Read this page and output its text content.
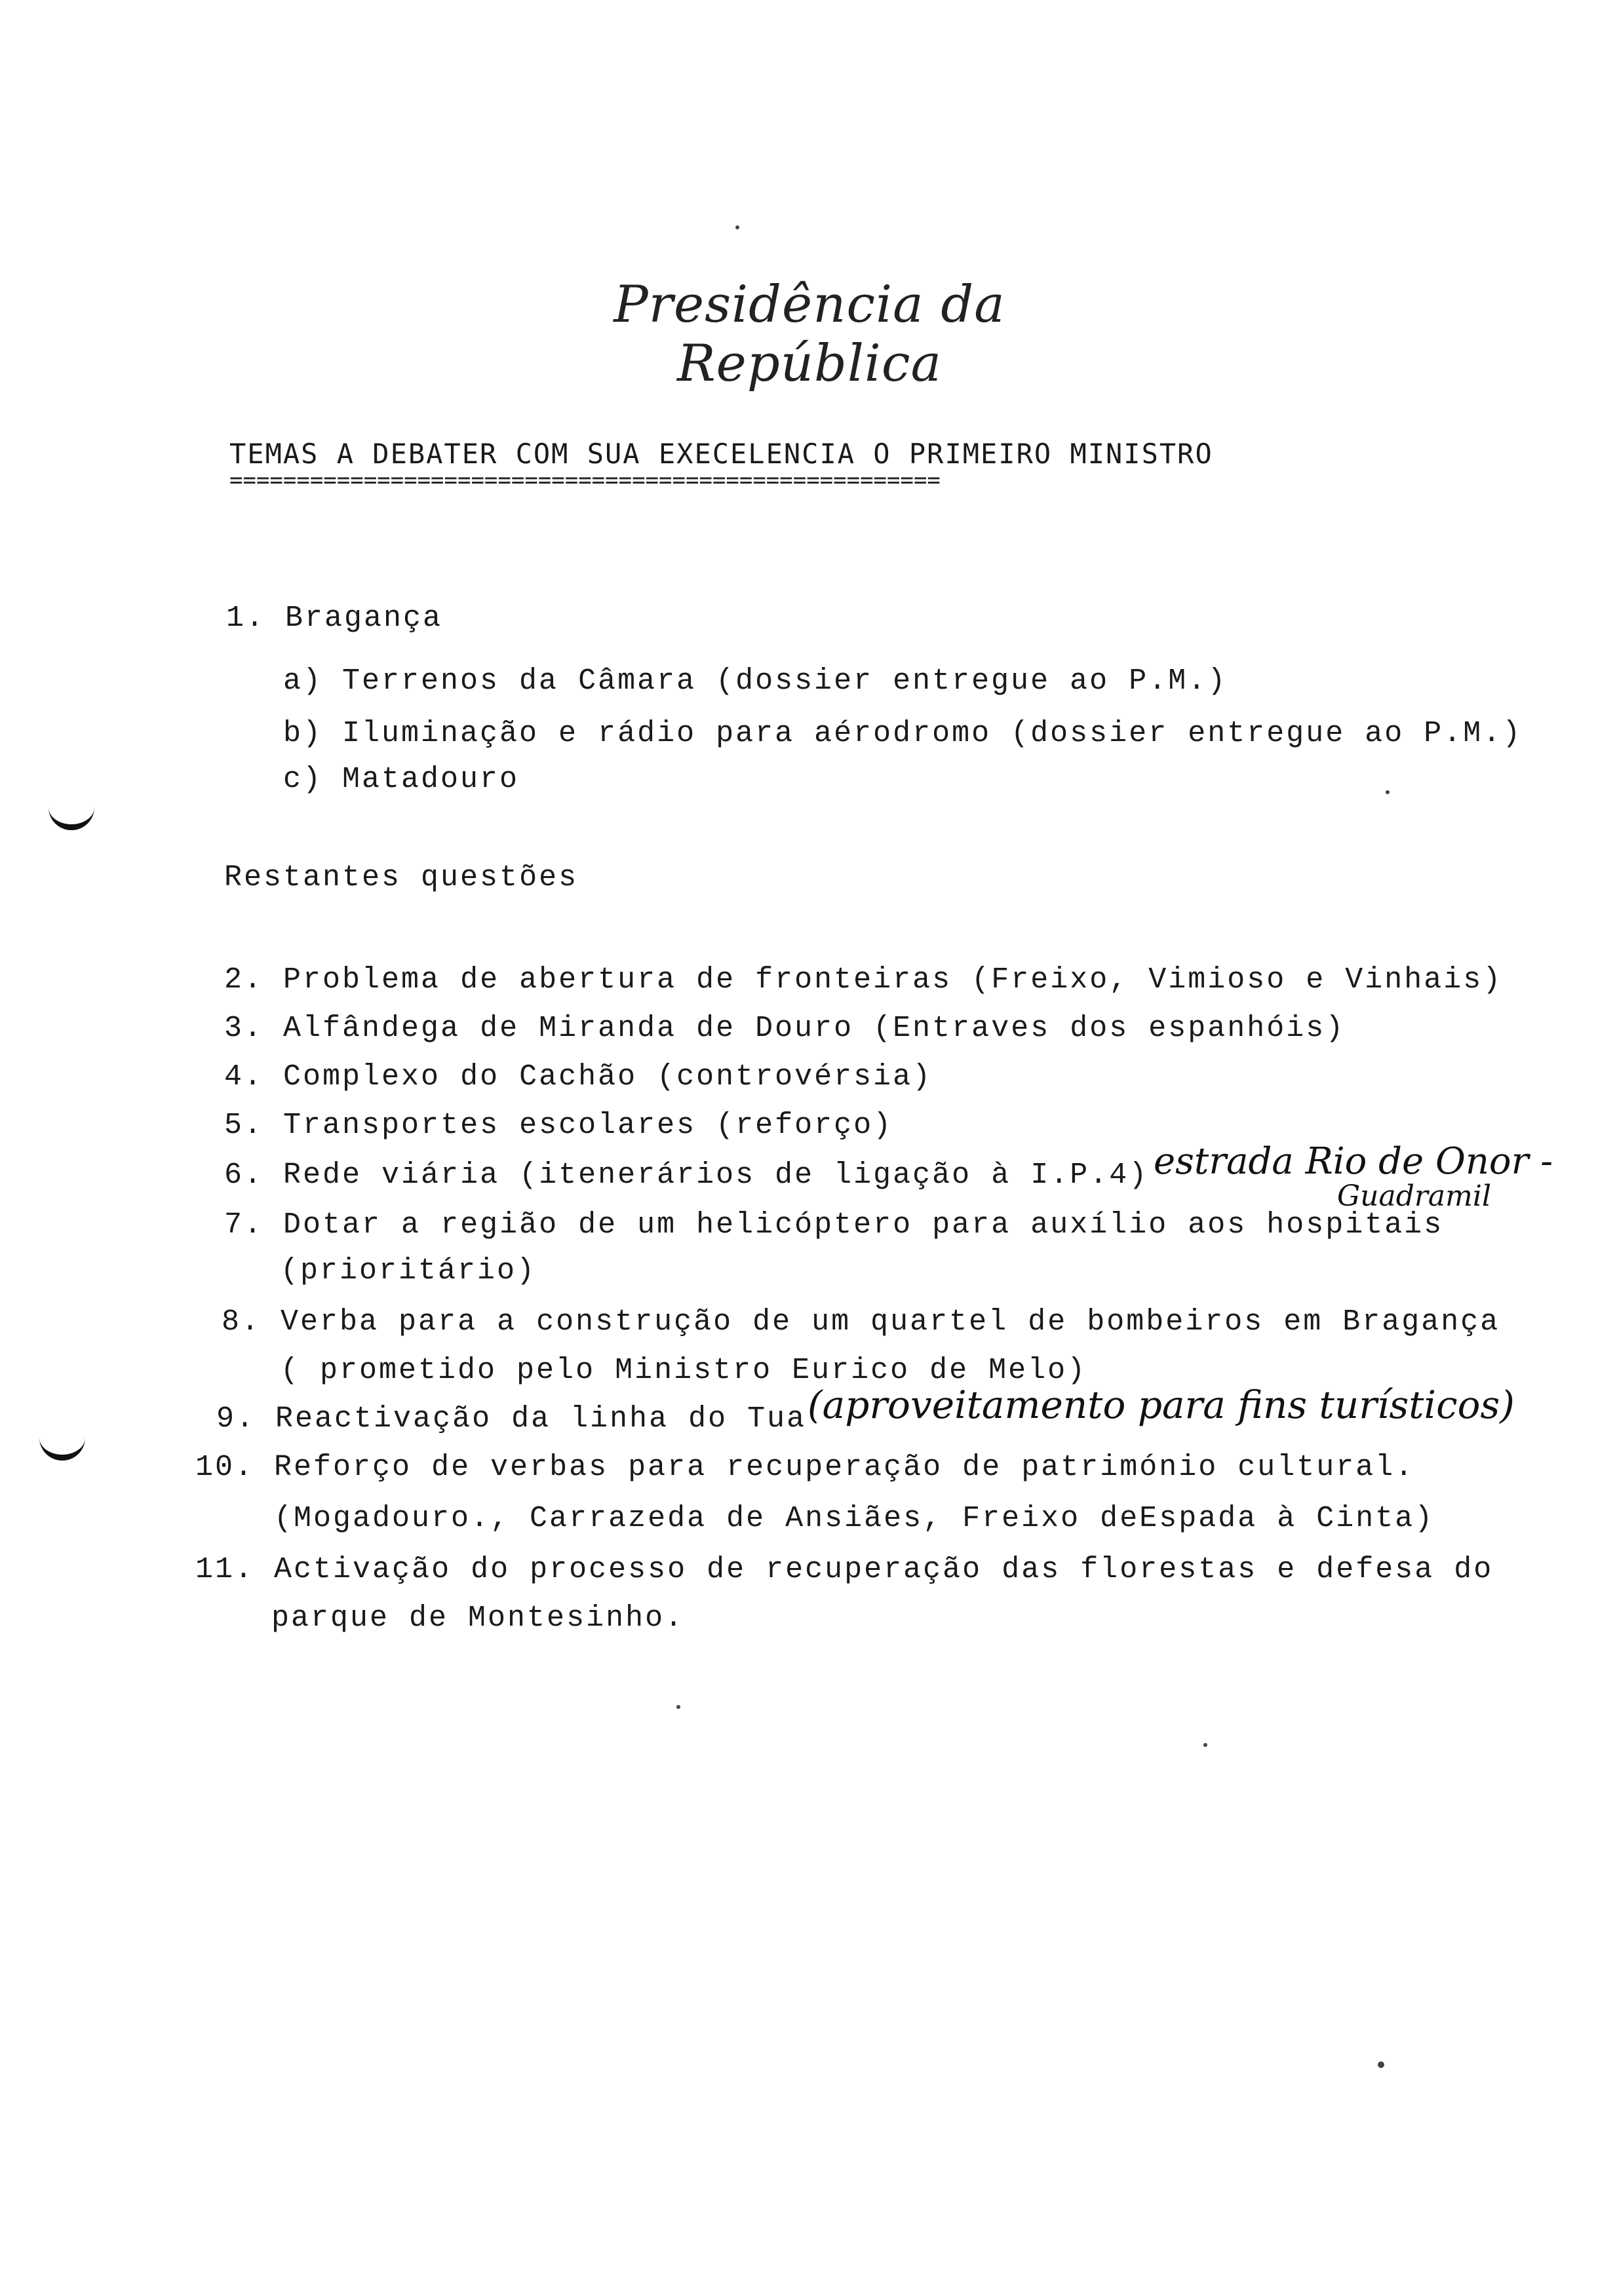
Presidência da República
TEMAS A DEBATER COM SUA EXECELENCIA O PRIMEIRO MINISTRO
=====================================================
1. Bragança
a) Terrenos da Câmara (dossier entregue ao P.M.)
b) Iluminação e rádio para aérodromo (dossier entregue ao P.M.)
c) Matadouro
Restantes questões
2. Problema de abertura de fronteiras (Freixo, Vimioso e Vinhais)
3. Alfândega de Miranda de Douro (Entraves dos espanhóis)
4. Complexo do Cachão (controvérsia)
5. Transportes escolares (reforço)
6. Rede viária (itenerários de ligação à I.P.4) estrada Rio de Onor -
Guadramil
7. Dotar a região de um helicóptero para auxílio aos hospitais
(prioritário)
8. Verba para a construção de um quartel de bombeiros em Bragança
( prometido pelo Ministro Eurico de Melo)
9. Reactivação da linha do Tua (aproveitamento para fins turísticos)
10. Reforço de verbas para recuperação de património cultural.
(Mogadouro., Carrazeda de Ansiães, Freixo deEspada à Cinta)
11. Activação do processo de recuperação das florestas e defesa do
parque de Montesinho.
